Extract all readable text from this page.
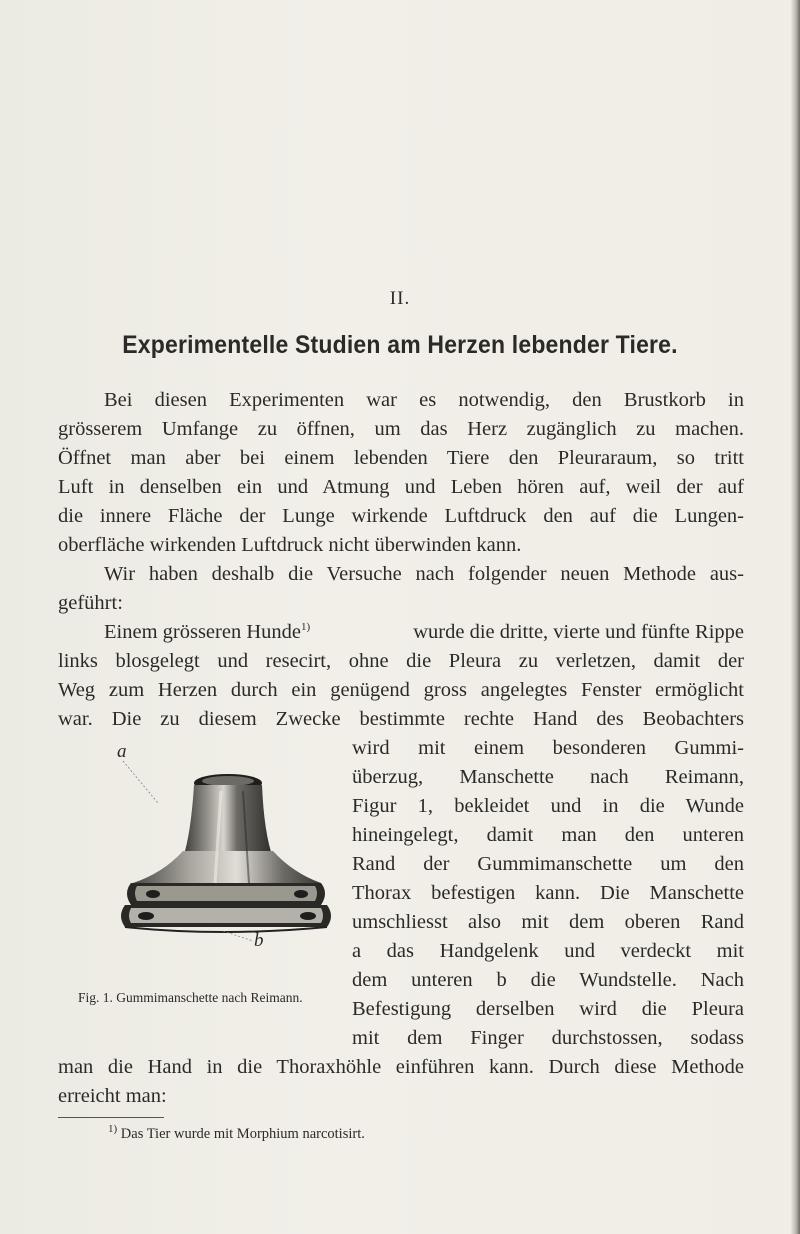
II.
Experimentelle Studien am Herzen lebender Tiere.
Bei diesen Experimenten war es notwendig, den Brustkorb in
grösserem Umfange zu öffnen, um das Herz zugänglich zu machen.
Öffnet man aber bei einem lebenden Tiere den Pleuraraum, so tritt
Luft in denselben ein und Atmung und Leben hören auf, weil der auf
die innere Fläche der Lunge wirkende Luftdruck den auf die Lungen-
oberfläche wirkenden Luftdruck nicht überwinden kann.
Wir haben deshalb die Versuche nach folgender neuen Methode aus-
geführt:
Einem grösseren Hunde$^{1)}$	wurde die dritte, vierte und fünfte Rippe
links blosgelegt und resecirt, ohne die Pleura zu verletzen, damit der
Weg zum Herzen durch ein genügend gross angelegtes Fenster ermöglicht
war. Die zu diesem Zwecke bestimmte rechte Hand des Beobachters
wird mit einem besonderen Gummi-
überzug, Manschette nach Reimann,
Figur 1, bekleidet und in die Wunde
hineingelegt, damit man den unteren
Rand der Gummimanschette um den
Thorax befestigen kann. Die Manschette
umschliesst also mit dem oberen Rand
a das Handgelenk und verdeckt mit
dem unteren b die Wundstelle. Nach
Befestigung derselben wird die Pleura
mit dem Finger durchstossen, sodass
man die Hand in die Thoraxhöhle einführen kann. Durch diese Methode
erreicht man:
a
b
Fig. 1. Gummimanschette nach Reimann.
$^{1)}$ Das Tier wurde mit Morphium narcotisirt.
